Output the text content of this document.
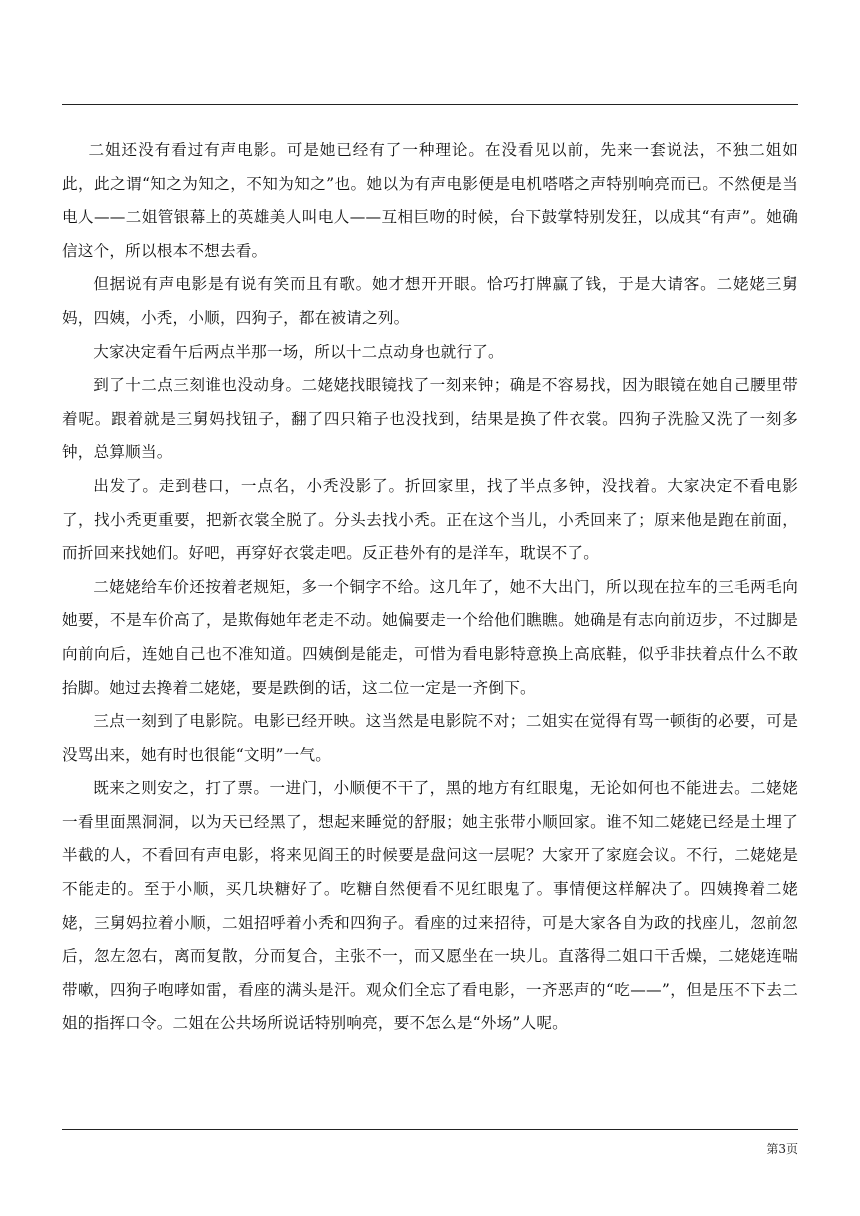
二姐还没有看过有声电影。可是她已经有了一种理论。在没看见以前，先来一套说法，不独二姐如此，此之谓“知之为知之，不知为知之”也。她以为有声电影便是电机嗒嗒之声特别响亮而已。不然便是当电人——二姐管银幕上的英雄美人叫电人——互相巨吻的时候，台下鼓掌特别发狂，以成其“有声”。她确信这个，所以根本不想去看。

但据说有声电影是有说有笑而且有歌。她才想开开眼。恰巧打牌赢了钱，于是大请客。二姥姥三舅妈，四姨，小秃，小顺，四狗子，都在被请之列。

大家决定看午后两点半那一场，所以十二点动身也就行了。

到了十二点三刻谁也没动身。二姥姥找眼镜找了一刻来钟；确是不容易找，因为眼镜在她自己腰里带着呢。跟着就是三舅妈找钮子，翻了四只箱子也没找到，结果是换了件衣裳。四狗子洗脸又洗了一刻多钟，总算顺当。

出发了。走到巷口，一点名，小秃没影了。折回家里，找了半点多钟，没找着。大家决定不看电影了，找小秃更重要，把新衣裳全脱了。分头去找小秃。正在这个当儿，小秃回来了；原来他是跑在前面，而折回来找她们。好吧，再穿好衣裳走吧。反正巷外有的是洋车，耽误不了。

二姥姥给车价还按着老规矩，多一个铜字不给。这几年了，她不大出门，所以现在拉车的三毛两毛向她要，不是车价高了，是欺侮她年老走不动。她偏要走一个给他们瞧瞧。她确是有志向前迈步，不过脚是向前向后，连她自己也不准知道。四姨倒是能走，可惜为看电影特意换上高底鞋，似乎非扶着点什么不敢抬脚。她过去搀着二姥姥，要是跌倒的话，这二位一定是一齐倒下。

三点一刻到了电影院。电影已经开映。这当然是电影院不对；二姐实在觉得有骂一顿街的必要，可是没骂出来，她有时也很能“文明”一气。

既来之则安之，打了票。一进门，小顺便不干了，黑的地方有红眼鬼，无论如何也不能进去。二姥姥一看里面黑洞洞，以为天已经黑了，想起来睡觉的舒服；她主张带小顺回家。谁不知二姥姥已经是土埋了半截的人，不看回有声电影，将来见阎王的时候要是盘问这一层呢？大家开了家庭会议。不行，二姥姥是不能走的。至于小顺，买几块糖好了。吃糖自然便看不见红眼鬼了。事情便这样解决了。四姨搀着二姥姥，三舅妈拉着小顺，二姐招呼着小秃和四狗子。看座的过来招待，可是大家各自为政的找座儿，忽前忽后，忽左忽右，离而复散，分而复合，主张不一，而又愿坐在一块儿。直落得二姐口干舌燥，二姥姥连喘带嗽，四狗子咆哮如雷，看座的满头是汗。观众们全忘了看电影，一齐恶声的“吃——”，但是压不下去二姐的指挥口令。二姐在公共场所说话特别响亮，要不怎么是“外场”人呢。

第3页
